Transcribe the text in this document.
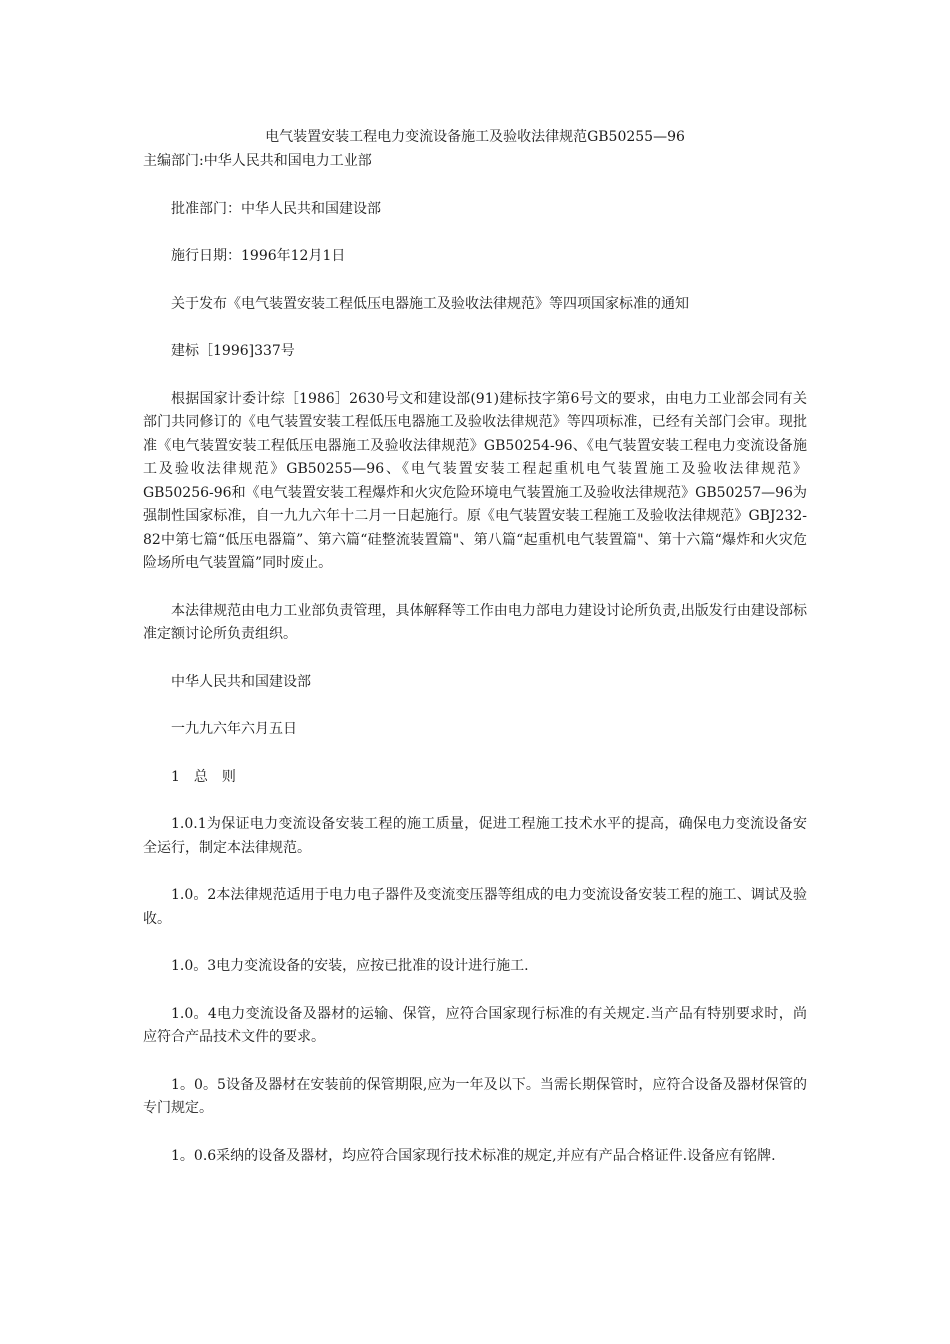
电气装置安装工程电力变流设备施工及验收法律规范GB50255—96

主编部门:中华人民共和国电力工业部

批准部门：中华人民共和国建设部

施行日期：1996年12月1日

关于发布《电气装置安装工程低压电器施工及验收法律规范》等四项国家标准的通知

建标［1996]337号

根据国家计委计综［1986］2630号文和建设部(91)建标技字第6号文的要求，由电力工业部会同有关部门共同修订的《电气装置安装工程低压电器施工及验收法律规范》等四项标准，已经有关部门会审。现批准《电气装置安装工程低压电器施工及验收法律规范》GB50254-96、《电气装置安装工程电力变流设备施工及验收法律规范》GB50255—96、《电气装置安装工程起重机电气装置施工及验收法律规范》GB50256-96和《电气装置安装工程爆炸和火灾危险环境电气装置施工及验收法律规范》GB50257—96为强制性国家标准，自一九九六年十二月一日起施行。原《电气装置安装工程施工及验收法律规范》GBJ232-82中第七篇“低压电器篇”、第六篇“硅整流装置篇"、第八篇“起重机电气装置篇"、第十六篇“爆炸和火灾危险场所电气装置篇”同时废止。

本法律规范由电力工业部负责管理，具体解释等工作由电力部电力建设讨论所负责,出版发行由建设部标准定额讨论所负责组织。

中华人民共和国建设部

一九九六年六月五日

1　总　则

1.0.1为保证电力变流设备安装工程的施工质量，促进工程施工技术水平的提高，确保电力变流设备安全运行，制定本法律规范。

1.0。2本法律规范适用于电力电子器件及变流变压器等组成的电力变流设备安装工程的施工、调试及验收。

1.0。3电力变流设备的安装，应按已批准的设计进行施工.

1.0。4电力变流设备及器材的运输、保管，应符合国家现行标准的有关规定.当产品有特别要求时，尚应符合产品技术文件的要求。

1。0。5设备及器材在安装前的保管期限,应为一年及以下。当需长期保管时，应符合设备及器材保管的专门规定。

1。0.6采纳的设备及器材，均应符合国家现行技术标准的规定,并应有产品合格证件.设备应有铭牌.
